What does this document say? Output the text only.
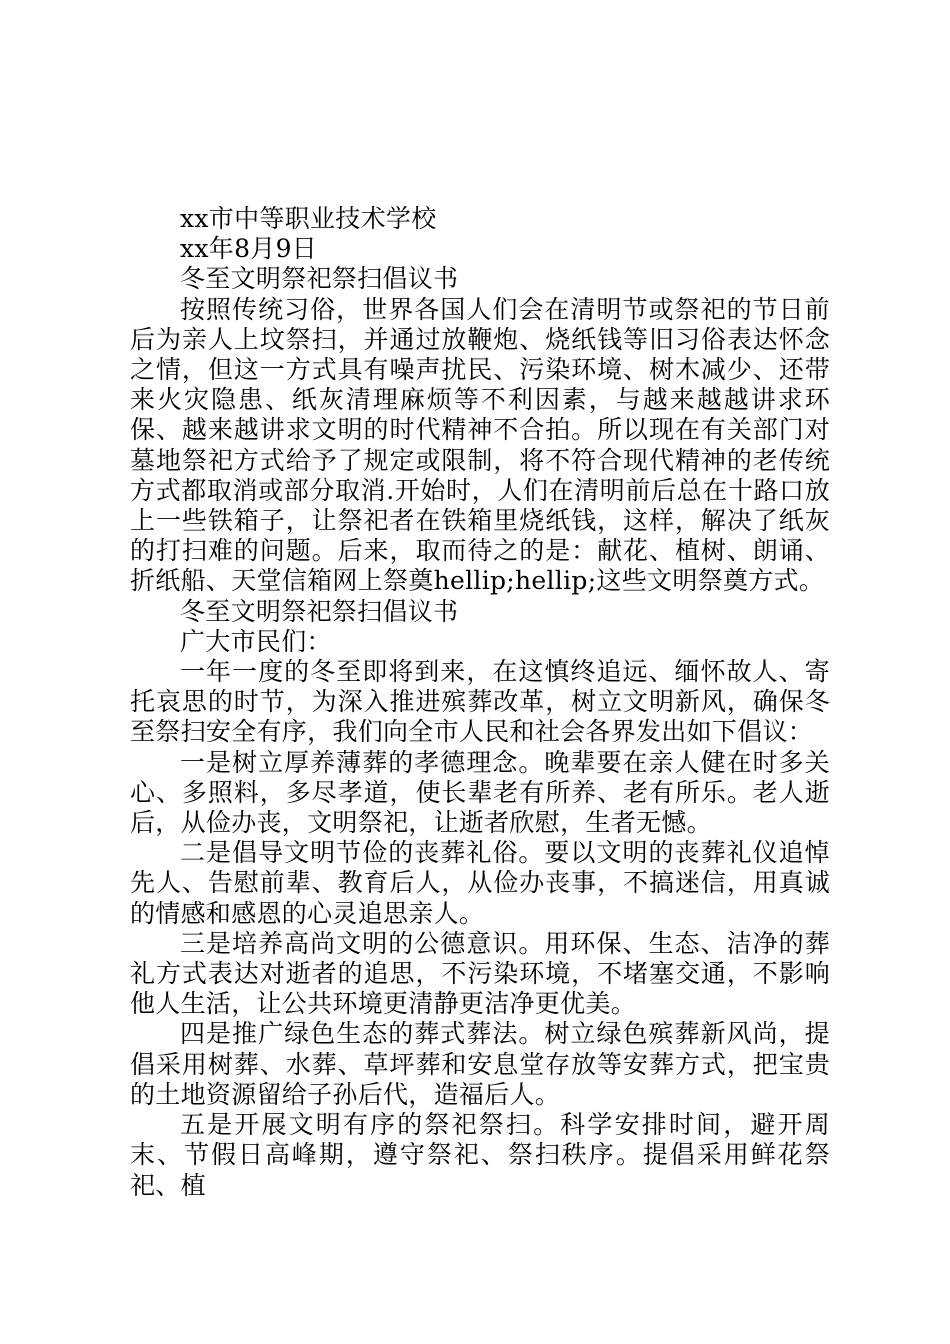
xx市中等职业技术学校

xx年8月9日

冬至文明祭祀祭扫倡议书

按照传统习俗，世界各国人们会在清明节或祭祀的节日前后为亲人上坟祭扫，并通过放鞭炮、烧纸钱等旧习俗表达怀念之情，但这一方式具有噪声扰民、污染环境、树木减少、还带来火灾隐患、纸灰清理麻烦等不利因素，与越来越越讲求环保、越来越讲求文明的时代精神不合拍。所以现在有关部门对墓地祭祀方式给予了规定或限制，将不符合现代精神的老传统方式都取消或部分取消.开始时，人们在清明前后总在十路口放上一些铁箱子，让祭祀者在铁箱里烧纸钱，这样，解决了纸灰的打扫难的问题。后来，取而待之的是：献花、植树、朗诵、折纸船、天堂信箱网上祭奠hellip;hellip;这些文明祭奠方式。

冬至文明祭祀祭扫倡议书

广大市民们：

一年一度的冬至即将到来，在这慎终追远、缅怀故人、寄托哀思的时节，为深入推进殡葬改革，树立文明新风，确保冬至祭扫安全有序，我们向全市人民和社会各界发出如下倡议：

一是树立厚养薄葬的孝德理念。晚辈要在亲人健在时多关心、多照料，多尽孝道，使长辈老有所养、老有所乐。老人逝后，从俭办丧，文明祭祀，让逝者欣慰，生者无憾。

二是倡导文明节俭的丧葬礼俗。要以文明的丧葬礼仪追悼先人、告慰前辈、教育后人，从俭办丧事，不搞迷信，用真诚的情感和感恩的心灵追思亲人。

三是培养高尚文明的公德意识。用环保、生态、洁净的葬礼方式表达对逝者的追思，不污染环境，不堵塞交通，不影响他人生活，让公共环境更清静更洁净更优美。

四是推广绿色生态的葬式葬法。树立绿色殡葬新风尚，提倡采用树葬、水葬、草坪葬和安息堂存放等安葬方式，把宝贵的土地资源留给子孙后代，造福后人。

五是开展文明有序的祭祀祭扫。科学安排时间，避开周末、节假日高峰期，遵守祭祀、祭扫秩序。提倡采用鲜花祭祀、植
